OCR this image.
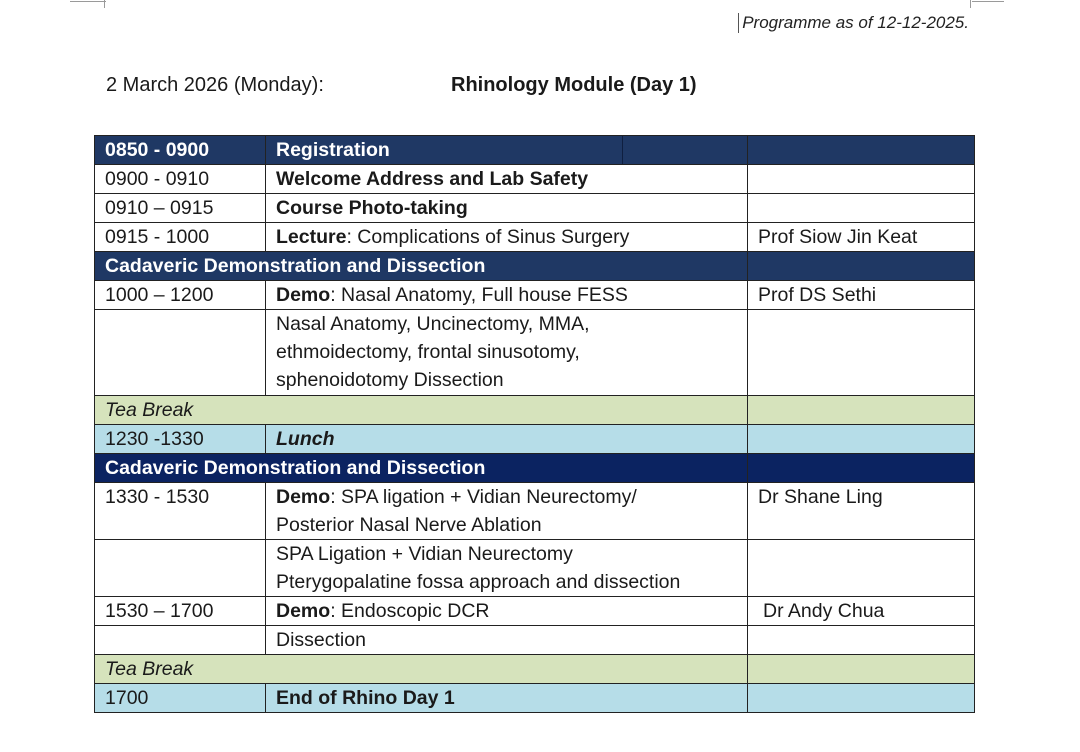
Programme as of 12-12-2025.
2 March 2026 (Monday):	Rhinology Module (Day 1)
0850 - 0900	Registration

0900 - 0910	Welcome Address and Lab Safety	
0910 – 0915	Course Photo-taking	
0915 - 1000	Lecture: Complications of Sinus Surgery	Prof Siow Jin Keat
Cadaveric Demonstration and Dissection		
1000 – 1200	Demo: Nasal Anatomy, Full house FESS	Prof DS Sethi

	Nasal Anatomy, Uncinectomy, MMA,
ethmoidectomy, frontal sinusotomy,
sphenoidotomy Dissection	

Tea Break		
1230 -1330	Lunch	
Cadaveric Demonstration and Dissection		
1330 - 1530	Demo: SPA ligation + Vidian Neurectomy/
Posterior Nasal Nerve Ablation	Dr Shane Ling

	SPA Ligation + Vidian Neurectomy
Pterygopalatine fossa approach and dissection	

1530 – 1700	Demo: Endoscopic DCR	Dr Andy Chua
	Dissection	
Tea Break		
1700	End of Rhino Day 1	
